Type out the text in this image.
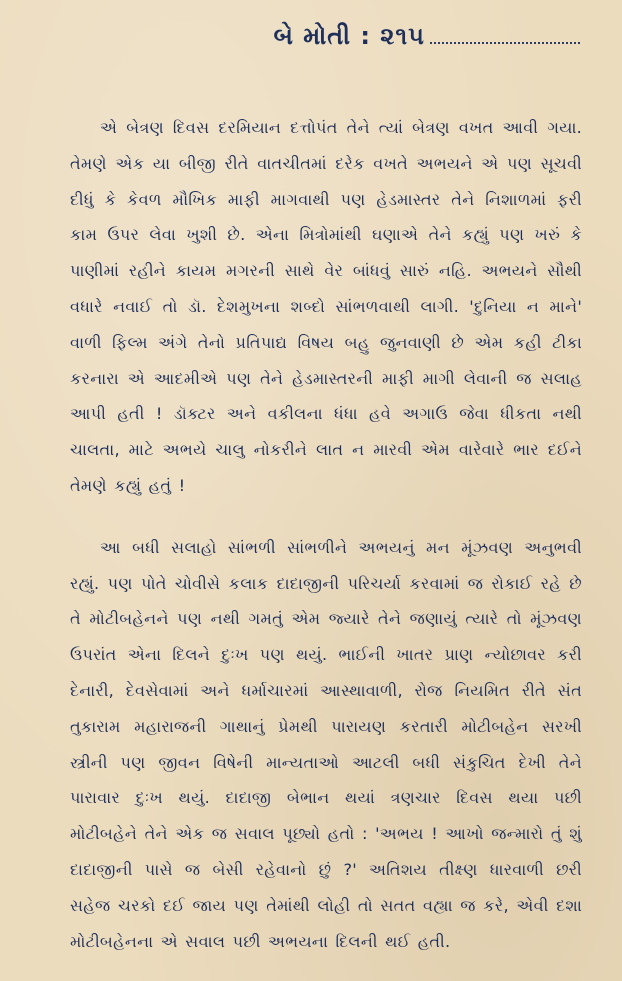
બે મોતી : ૨૧૫

એ બેત્રણ દિવસ દરમિયાન દત્તોપંત તેને ત્યાં બેત્રણ વખત આવી ગયા. તેમણે એક યા બીજી રીતે વાતચીતમાં દરેક વખતે અભયને એ પણ સૂચવી દીધું કે કેવળ મૌખિક માફી માગવાથી પણ હેડમાસ્તર તેને નિશાળમાં ફરી કામ ઉપર લેવા ખુશી છે. એના મિત્રોમાંથી ઘણાએ તેને કહ્યું પણ ખરું કે પાણીમાં રહીને કાયમ મગરની સાથે વેર બાંધવું સારું નહિ. અભયને સૌથી વધારે નવાઈ તો ડૉ. દેશમુખના શબ્દો સાંભળવાથી લાગી. 'દુનિયા ન માને' વાળી ફિલ્મ અંગે તેનો પ્રતિપાદ્ય વિષય બહુ જુનવાણી છે એમ કહી ટીકા કરનારા એ આદમીએ પણ તેને હેડમાસ્તરની માફી માગી લેવાની જ સલાહ આપી હતી ! ડૉક્ટર અને વકીલના ધંધા હવે અગાઉ જેવા ધીકતા નથી ચાલતા, માટે અભયે ચાલુ નોકરીને લાત ન મારવી એમ વારેવારે ભાર દઈને તેમણે કહ્યું હતું !

આ બધી સલાહો સાંભળી સાંભળીને અભયનું મન મૂંઝવણ અનુભવી રહ્યું. પણ પોતે ચોવીસે કલાક દાદાજીની પરિચર્યા કરવામાં જ રોકાઈ રહે છે તે મોટીબહેનને પણ નથી ગમતું એમ જ્યારે તેને જણાયું ત્યારે તો મૂંઝવણ ઉપરાંત એના દિલને દુઃખ પણ થયું. ભાઈની ખાતર પ્રાણ ન્યોછાવર કરી દેનારી, દેવસેવામાં અને ધર્માચારમાં આસ્થાવાળી, રોજ નિયમિત રીતે સંત તુકારામ મહારાજની ગાથાનું પ્રેમથી પારાયણ કરતારી મોટીબહેન સરખી સ્ત્રીની પણ જીવન વિષેની માન્યતાઓ આટલી બધી સંકુચિત દેખી તેને પારાવાર દુઃખ થયું. દાદાજી બેભાન થયાં ત્રણચાર દિવસ થયા પછી મોટીબહેને તેને એક જ સવાલ પૂછ્યો હતો : 'અભય ! આખો જન્મારો તું શું દાદાજીની પાસે જ બેસી રહેવાનો છું ?' અતિશય તીક્ષ્ણ ધારવાળી છરી સહેજ ચરકો દઈ જાય પણ તેમાંથી લોહી તો સતત વહ્યા જ કરે, એવી દશા મોટીબહેનના એ સવાલ પછી અભયના દિલની થઈ હતી.
